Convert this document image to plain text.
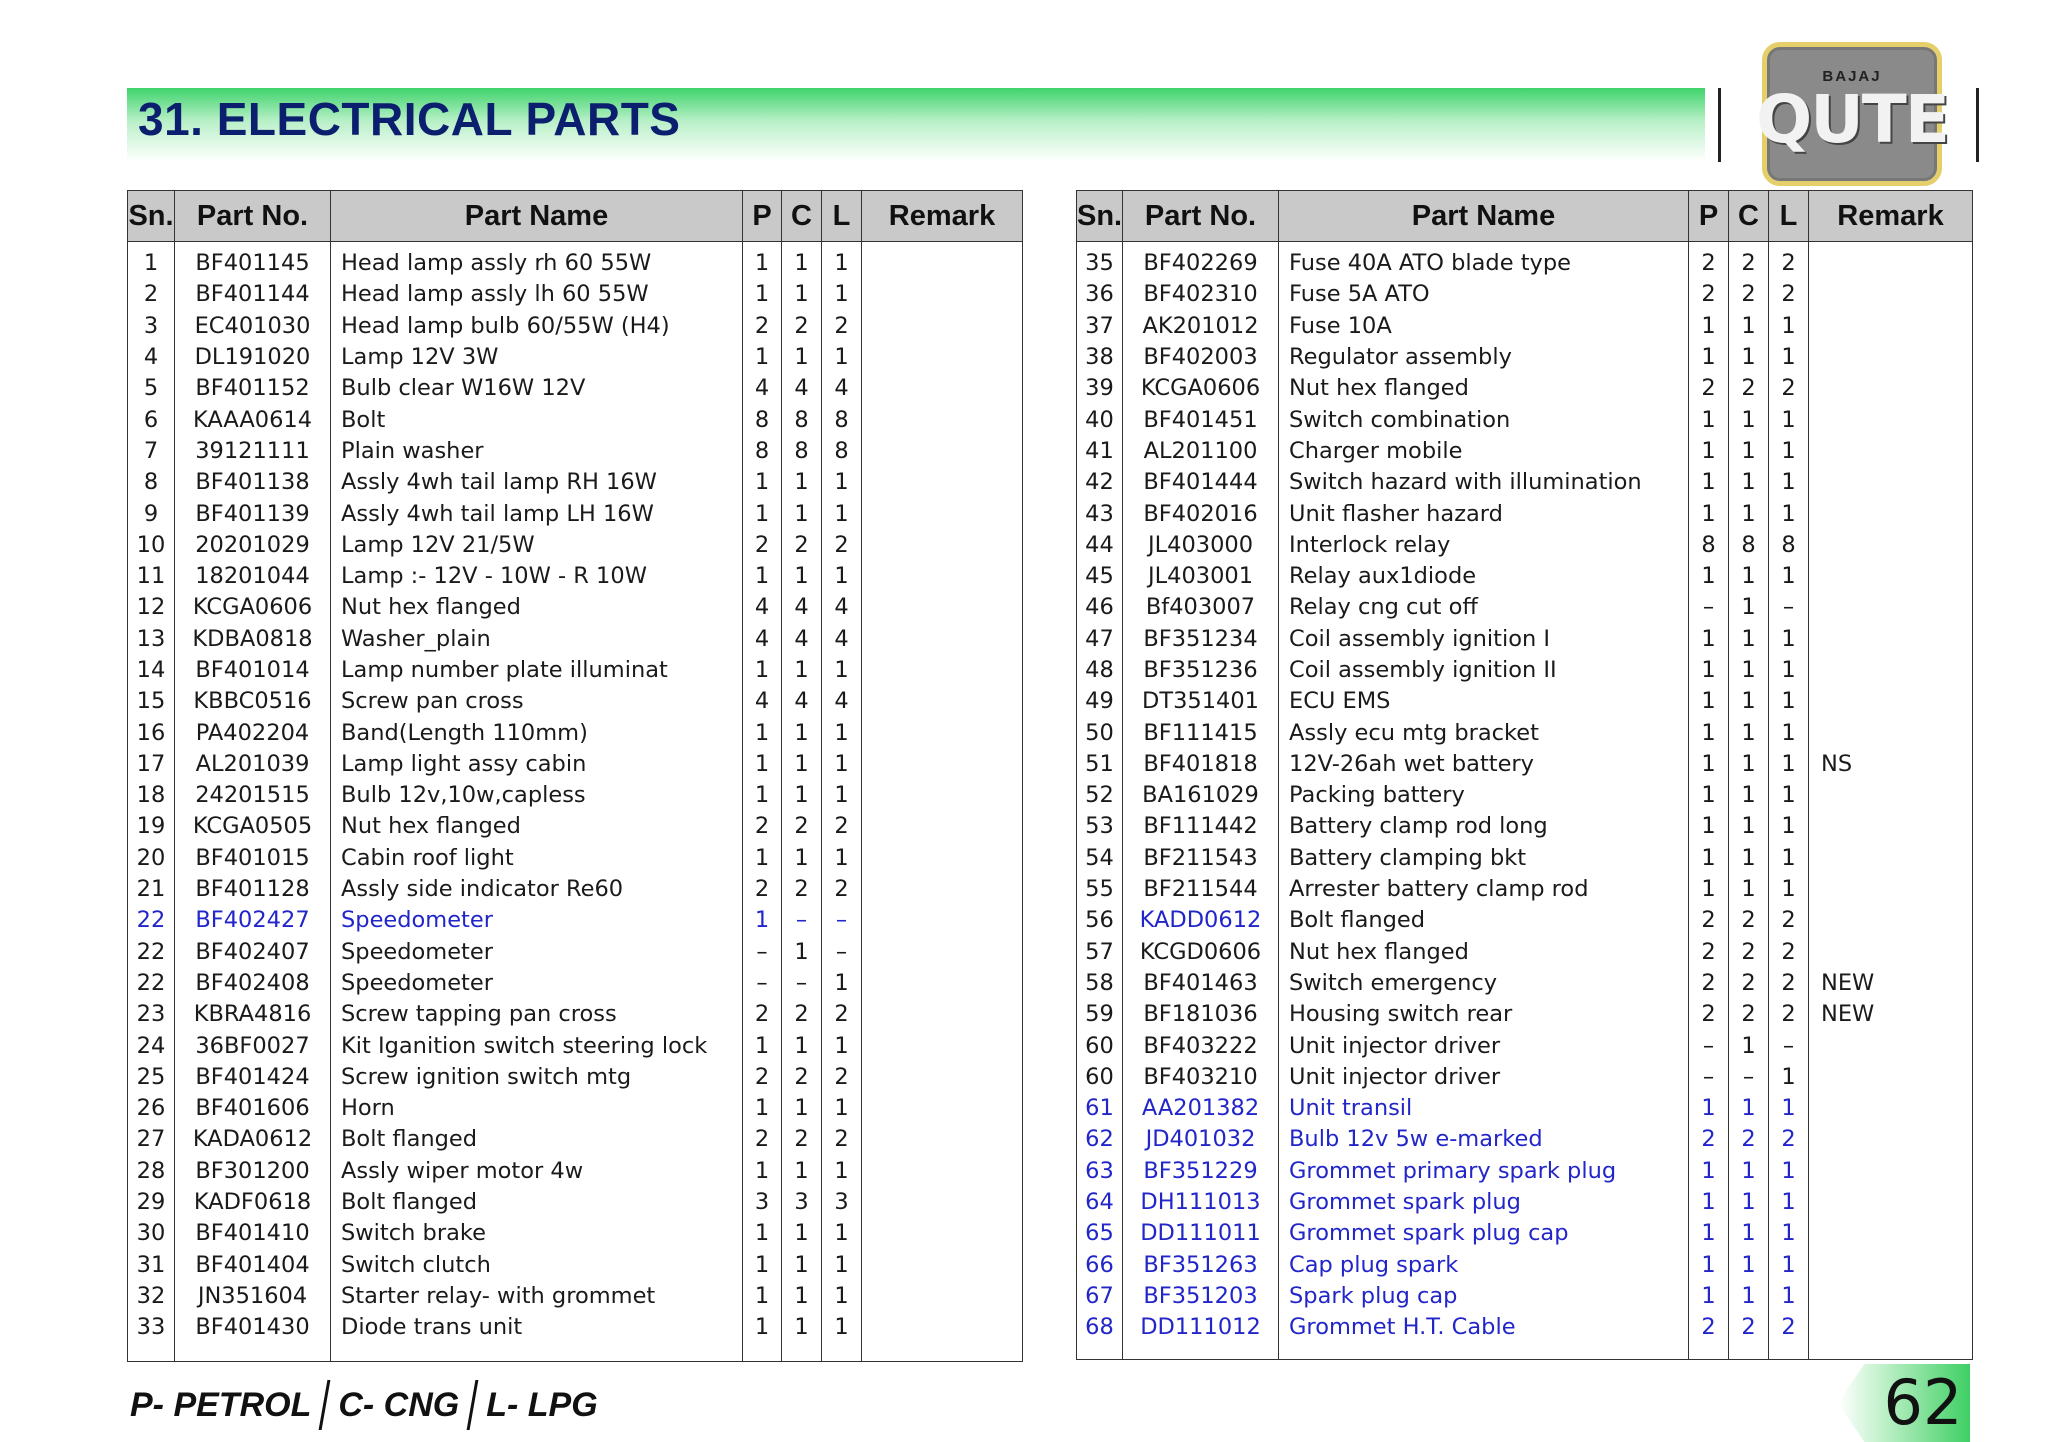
31. ELECTRICAL PARTS
BAJAJ
QUTE
Sn.	Part No.	Part Name	P	C	L	Remark
1	BF401145	Head lamp assly rh 60 55W	1	1	1	
2	BF401144	Head lamp assly lh 60 55W	1	1	1	
3	EC401030	Head lamp bulb 60/55W (H4)	2	2	2	
4	DL191020	Lamp 12V 3W	1	1	1	
5	BF401152	Bulb clear W16W 12V	4	4	4	
6	KAAA0614	Bolt	8	8	8	
7	39121111	Plain washer	8	8	8	
8	BF401138	Assly 4wh tail lamp RH 16W	1	1	1	
9	BF401139	Assly 4wh tail lamp LH 16W	1	1	1	
10	20201029	Lamp 12V 21/5W	2	2	2	
11	18201044	Lamp :- 12V - 10W - R 10W	1	1	1	
12	KCGA0606	Nut hex flanged	4	4	4	
13	KDBA0818	Washer_plain	4	4	4	
14	BF401014	Lamp number plate illuminat	1	1	1	
15	KBBC0516	Screw pan cross	4	4	4	
16	PA402204	Band(Length 110mm)	1	1	1	
17	AL201039	Lamp light assy cabin	1	1	1	
18	24201515	Bulb 12v,10w,capless	1	1	1	
19	KCGA0505	Nut hex flanged	2	2	2	
20	BF401015	Cabin roof light	1	1	1	
21	BF401128	Assly side indicator Re60	2	2	2	
22	BF402427	Speedometer	1	–	–	
22	BF402407	Speedometer	–	1	–	
22	BF402408	Speedometer	–	–	1	
23	KBRA4816	Screw tapping pan cross	2	2	2	
24	36BF0027	Kit Iganition switch steering lock	1	1	1	
25	BF401424	Screw ignition switch mtg	2	2	2	
26	BF401606	Horn	1	1	1	
27	KADA0612	Bolt flanged	2	2	2	
28	BF301200	Assly wiper motor 4w	1	1	1	
29	KADF0618	Bolt flanged	3	3	3	
30	BF401410	Switch brake	1	1	1	
31	BF401404	Switch clutch	1	1	1	
32	JN351604	Starter relay- with grommet	1	1	1	
33	BF401430	Diode trans unit	1	1	1	

Sn.	Part No.	Part Name	P	C	L	Remark
35	BF402269	Fuse 40A ATO blade type	2	2	2	
36	BF402310	Fuse 5A ATO	2	2	2	
37	AK201012	Fuse 10A	1	1	1	
38	BF402003	Regulator assembly	1	1	1	
39	KCGA0606	Nut hex flanged	2	2	2	
40	BF401451	Switch combination	1	1	1	
41	AL201100	Charger mobile	1	1	1	
42	BF401444	Switch hazard with illumination	1	1	1	
43	BF402016	Unit flasher hazard	1	1	1	
44	JL403000	Interlock relay	8	8	8	
45	JL403001	Relay aux1diode	1	1	1	
46	Bf403007	Relay cng cut off	–	1	–	
47	BF351234	Coil assembly ignition I	1	1	1	
48	BF351236	Coil assembly ignition II	1	1	1	
49	DT351401	ECU EMS	1	1	1	
50	BF111415	Assly ecu mtg bracket	1	1	1	
51	BF401818	12V-26ah wet battery	1	1	1	NS
52	BA161029	Packing battery	1	1	1	
53	BF111442	Battery clamp rod long	1	1	1	
54	BF211543	Battery clamping bkt	1	1	1	
55	BF211544	Arrester battery clamp rod	1	1	1	
56	KADD0612	Bolt flanged	2	2	2	
57	KCGD0606	Nut hex flanged	2	2	2	
58	BF401463	Switch emergency	2	2	2	NEW
59	BF181036	Housing switch rear	2	2	2	NEW
60	BF403222	Unit injector driver	–	1	–	
60	BF403210	Unit injector driver	–	–	1	
61	AA201382	Unit transil	1	1	1	
62	JD401032	Bulb 12v 5w e-marked	2	2	2	
63	BF351229	Grommet primary spark plug	1	1	1	
64	DH111013	Grommet spark plug	1	1	1	
65	DD111011	Grommet spark plug cap	1	1	1	
66	BF351263	Cap plug spark	1	1	1	
67	BF351203	Spark plug cap	1	1	1	
68	DD111012	Grommet H.T. Cable	2	2	2	

P- PETROL C- CNG L- LPG	62
